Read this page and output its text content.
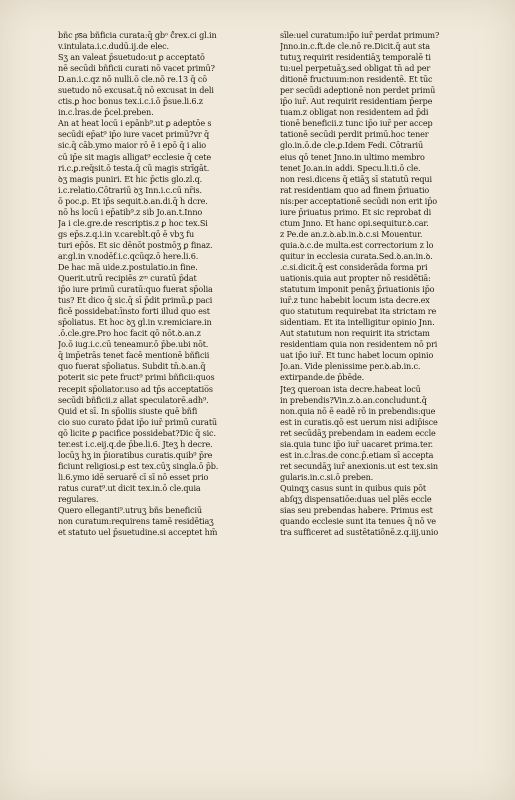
bñc p͞sa bñficia curata:q̄ gbᵒ ĉ́rex.ci gl.in
v.intulata.i.c.dudū.ij.de elec.
Sʒ an valeat p̄suetudo:ut ꝑ acceptatō
nē secūdi bñficii curati nō vacet primū?
D.an.i.c.qz nō nulli.ō cle.nō re.13 q̄ cō
suetudo nō excusat.q̄ nō excusat in deli
ctis.ꝑ hoc bonus tex.i.c.i.ō p̄sue.li.6.z
in.c.l̄ras.de p̄cel.preben.
An at h̄eat locū i epānb⁹.ut ꝑ adeptōe s
secūdi ep̄at⁹ ip̄o iure vacet primū?vr q̄
sic.q̄ cāb.ymo maior rō ē i epō q̄ i alio
cū ip̄e sit magis alligat⁹ ecclesie q̄ cete
ri.c.ꝑ.req̄sit.ō testa.q̄ cū magis strīgāt.
ꝺʒ magis puniri. Et h̄ic p̄ctis glo.zl.q.
i.c.relatio.Cōtrariū ꝺʒ Inn.i.c.cū nr̄is.
ō poc.ꝑ. Et ip̄s sequit.ꝺ.an.di.q̄ h̄ dcre.
nō h̄s locū i ep̄atib⁹.z sib̄ Jo.an.t.Inno
Ja i cle.gre.de rescriptis.z ꝑ hoc tex.Si
gs ep̄s.z.q.i.in v.careblt.qō ē vbʒ fu
turi ep̄ōs. Et sic dēnōt postmōʒ ꝑ finaz.
ar.gl.in v.nodēf.i.c.qcūqz.ō here.li.6.
De hac mā uide.z.postulatio.in fine.
Querit.utrū recipiēs zᵐ curatū p̄dat
ip̄o iure primū curatū:quo fuerat sp̄olia
tus? Et dico q̄ sic.q̄ sī p̄dit primū.ꝑ paci
ficē possidebat:īnsto forti illud quo est
sp̄oliatus. Et hoc ꝺʒ gl.in v.remiciare.in
.ō.cle.gre.Pro hoc facit qō nōt.ꝺ.an.z
Jo.ō iug.i.c.cū teneamur.ō p̄be.ubi nōt.
q̄ imp̄etrās tenet facē mentionē bñficii
quo fuerat sp̄oliatus. Subdit tn̄.ꝺ.an.q̄
poterit sic pete fruct⁹ primi bñficii:quos
recepit sp̄oliator.uso ad tp̄s acceptatio̅s
secūdi bñficii.z allat speculatorē.adh⁹.
Quid et sī. In sp̄oliis siuste quē bñfi
cio suo curato p̄dat ip̄o iur̄ primū curatū
qō licite ꝑ pacifice possidebat?Dic q̄ sic.
ter.est i.c.eij.q.de p̄be.li.6. Jteʒ h̄ decre.
locūʒ h̄ʒ in p̄ioratibus curatis.quib⁹ p̄re
ficiunt religiosi.ꝑ est tex.cūʒ singl̄a.ō p̄b.
li.6.ymo idē seruarē cī sī nō esset prio
ratus curat⁹.ut dicit tex.in.ō cle.quia
regulares.
Quero elleganti⁹.utruʒ bñs beneficiū
non curatum:requirens tamē residētiaʒ
et statuto uel p̄suetudine.si acceptet hm̄
sīle:uel curatum:ip̄o iur̄ perdat primum?
Jnno.in.c.ft.de cle.nō re.Dicit.q̄ aut sta
tutuʒ requirit residentiāʒ temporalē ti
tu:uel perpetuāʒ.sed obligat tn̄ ad per
ditionē fructuum:non residentē. Et tūc
per secūdi adeptionē non perdet primū
ip̄o iur̄. Aut requirit residentiam p̄erpe
tuam.z obligat non residentem ad p̄di
tionē beneficii.z tunc ip̄o iur̄ per accep
tationē secūdi perdit primū.hoc tener
glo.in.ō.de cle.ꝑ.Idem Fedi. Cōtrariū
eius qō tenet Jnno.in ultimo membro
tenet Jo.an.in addi. Specu.li.ti.ō cle.
non resi.dicens q̄ etiāʒ sī statutū requi
rat residentiam quo ad finem p̄riuatio
nis:per acceptationē secūdi non erit ip̄o
iure p̄riuatus primo. Et sic reprobat di
ctum Jnno. Et hanc opi.sequitur.ꝺ.car.
z Pe.de an.z.ꝺ.ab.in.ꝺ.c.si Mouentur.
quia.ꝺ.c.de multa.est correctorium z lo
quitur in ecclesia curata.Sed.ꝺ.an.in.ꝺ.
.c.si.dicit.q̄ est considerāda forma pri
uationis.quia aut propter nō residētiā:
statutum imponit penāʒ p̄riuationis ip̄o
iur̄.z tunc habebit locum ista decre.ex
quo statutum requirebat ita strictam re
sidentiam. Et ita intelligitur opinio Jnn.
Aut statutum non requirit ita strictam
residentiam quia non residentem nō pri
uat ip̄o iur̄. Et tunc habet locum opinio
Jo.an. Vide plenissime per.ꝺ.ab.in.c.
extirpande.de p̄bēde.
Jteʒ queroan ista decre.habeat locū
in prebendis?Vin.z.ꝺ.an.concludunt.q̄
non.quia nō ē eadē rō in prebendis:que
est in curatis.qō est uerum nisi adip̄isce
ret secūdāʒ prebendam in eadem eccle
sia.quia tunc ip̄o iur̄ uacaret prima.ter.
est in.c.l̄ras.de conc.p̄.etiam sī accepta
ret secundāʒ iur̄ anexionis.ut est tex.sin
gularis.in.c.si.ō preben.
Quinqʒ casus sunt in quibus quis pōt
abſqʒ dispensatiōe:duas uel plēs eccle
sias seu prebendas habere. Primus est
quando ecclesie sunt ita tenues q̄ nō ve
tra sufficeret ad sustētatiōnē.z.q.iij.unio
